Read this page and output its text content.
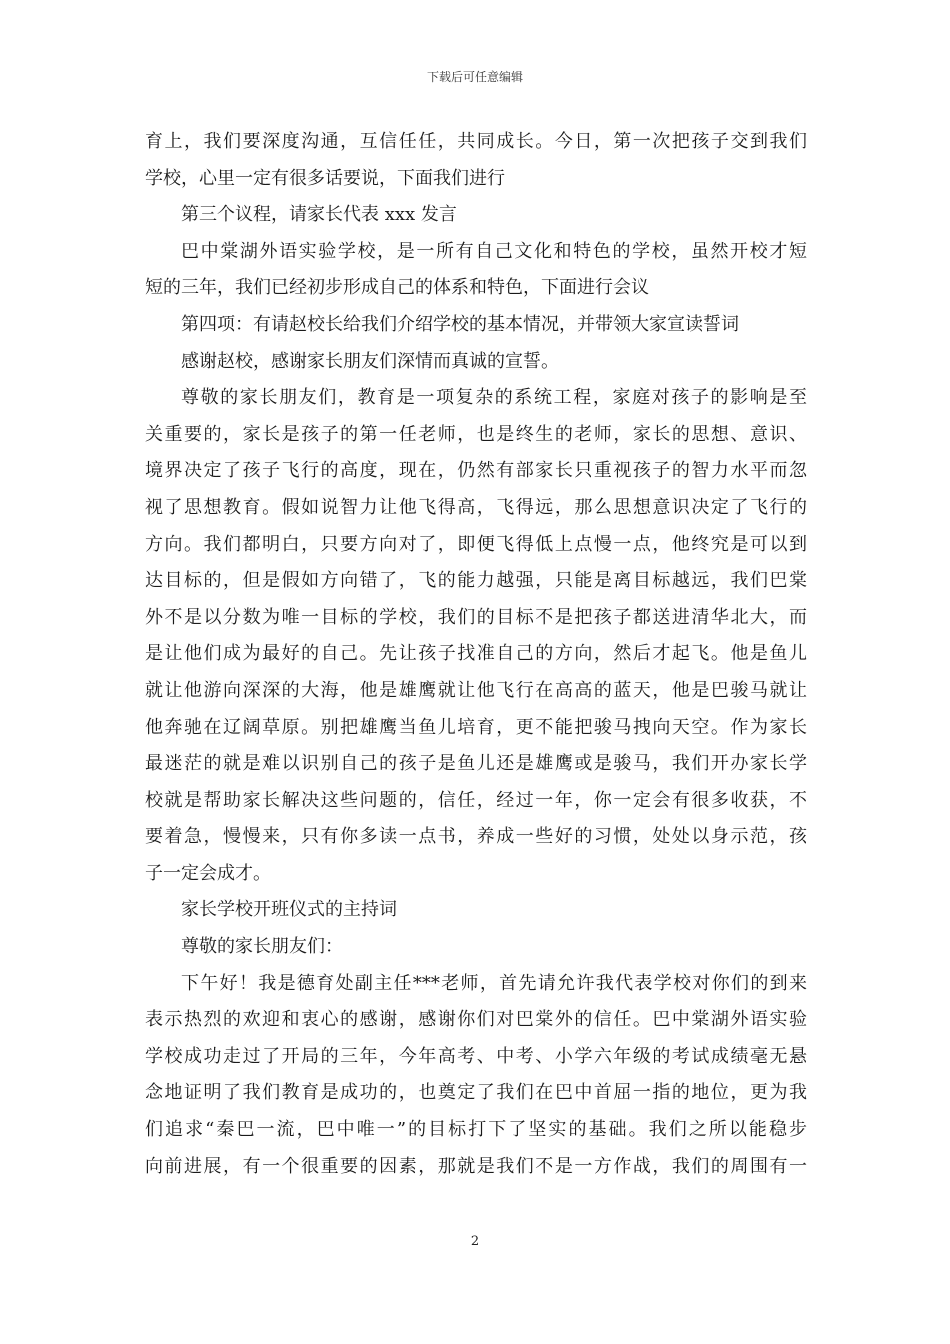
下载后可任意编辑
育上，我们要深度沟通，互信任任，共同成长。今日，第一次把孩子交到我们
学校，心里一定有很多话要说，下面我们进行
第三个议程，请家长代表 xxx 发言
巴中棠湖外语实验学校，是一所有自己文化和特色的学校，虽然开校才短
短的三年，我们已经初步形成自己的体系和特色，下面进行会议
第四项：有请赵校长给我们介绍学校的基本情况，并带领大家宣读誓词
感谢赵校，感谢家长朋友们深情而真诚的宣誓。
尊敬的家长朋友们，教育是一项复杂的系统工程，家庭对孩子的影响是至
关重要的，家长是孩子的第一任老师，也是终生的老师，家长的思想、意识、
境界决定了孩子飞行的高度，现在，仍然有部家长只重视孩子的智力水平而忽
视了思想教育。假如说智力让他飞得高，飞得远，那么思想意识决定了飞行的
方向。我们都明白，只要方向对了，即便飞得低上点慢一点，他终究是可以到
达目标的，但是假如方向错了，飞的能力越强，只能是离目标越远，我们巴棠
外不是以分数为唯一目标的学校，我们的目标不是把孩子都送进清华北大，而
是让他们成为最好的自己。先让孩子找准自己的方向，然后才起飞。他是鱼儿
就让他游向深深的大海，他是雄鹰就让他飞行在高高的蓝天，他是巴骏马就让
他奔驰在辽阔草原。别把雄鹰当鱼儿培育，更不能把骏马拽向天空。作为家长
最迷茫的就是难以识别自己的孩子是鱼儿还是雄鹰或是骏马，我们开办家长学
校就是帮助家长解决这些问题的，信任，经过一年，你一定会有很多收获，不
要着急，慢慢来，只有你多读一点书，养成一些好的习惯，处处以身示范，孩
子一定会成才。
家长学校开班仪式的主持词
尊敬的家长朋友们：
下午好！我是德育处副主任***老师，首先请允许我代表学校对你们的到来
表示热烈的欢迎和衷心的感谢，感谢你们对巴棠外的信任。巴中棠湖外语实验
学校成功走过了开局的三年，今年高考、中考、小学六年级的考试成绩毫无悬
念地证明了我们教育是成功的，也奠定了我们在巴中首屈一指的地位，更为我
们追求“秦巴一流，巴中唯一”的目标打下了坚实的基础。我们之所以能稳步
向前进展，有一个很重要的因素，那就是我们不是一方作战，我们的周围有一
2
